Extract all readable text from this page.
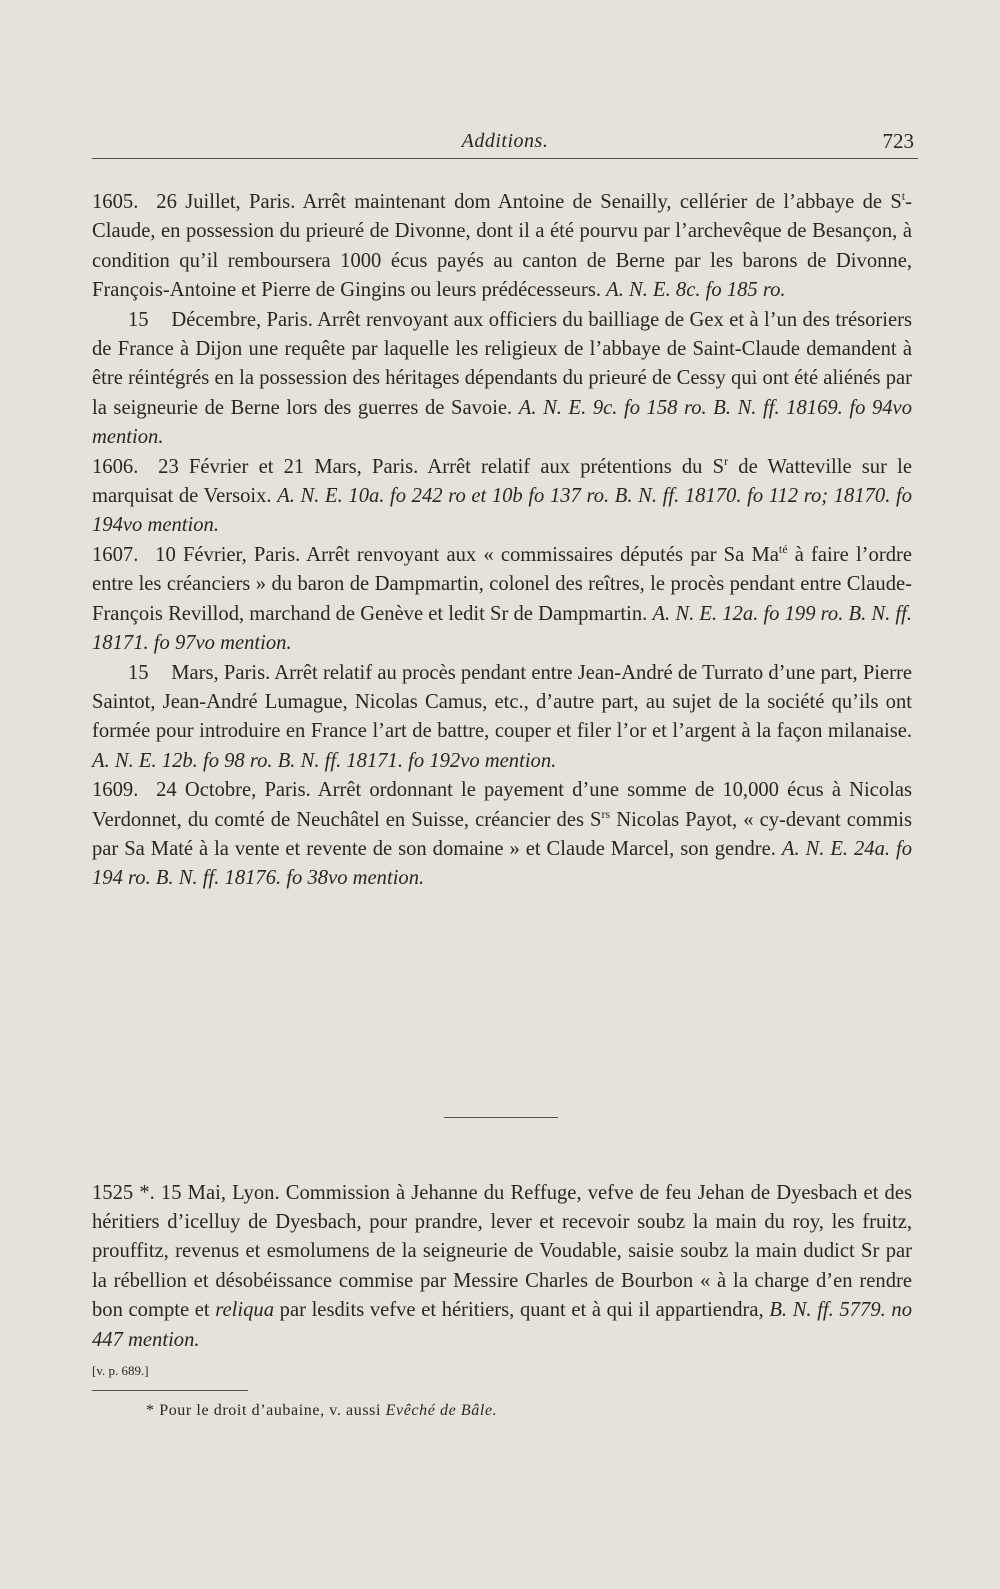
Additions.	723

1605. 26 Juillet, Paris. Arrêt maintenant dom Antoine de Senailly, cellérier de l’abbaye de $S^t$-Claude, en possession du prieuré de Divonne, dont il a été pourvu par l’archevêque de Besançon, à condition qu’il remboursera 1000 écus payés au canton de Berne par les barons de Divonne, François-Antoine et Pierre de Gingins ou leurs prédécesseurs. A. N. E. 8c. fo 185 ro.

15 Décembre, Paris. Arrêt renvoyant aux officiers du bailliage de Gex et à l’un des trésoriers de France à Dijon une requête par laquelle les religieux de l’abbaye de Saint-Claude demandent à être réintégrés en la possession des héritages dépendants du prieuré de Cessy qui ont été aliénés par la seigneurie de Berne lors des guerres de Savoie. A. N. E. 9c. fo 158 ro. B. N. ff. 18169. fo 94vo mention.

1606. 23 Février et 21 Mars, Paris. Arrêt relatif aux prétentions du $S^r$ de Watteville sur le marquisat de Versoix. A. N. E. 10a. fo 242 ro et 10b fo 137 ro. B. N. ff. 18170. fo 112 ro; 18170. fo 194vo mention.

1607. 10 Février, Paris. Arrêt renvoyant aux « commissaires députés par Sa $Ma^{té}$ à faire l’ordre entre les créanciers » du baron de Dampmartin, colonel des reîtres, le procès pendant entre Claude-François Revillod, marchand de Genève et ledit Sr de Dampmartin. A. N. E. 12a. fo 199 ro. B. N. ff. 18171. fo 97vo mention.

15 Mars, Paris. Arrêt relatif au procès pendant entre Jean-André de Turrato d’une part, Pierre Saintot, Jean-André Lumague, Nicolas Camus, etc., d’autre part, au sujet de la société qu’ils ont formée pour introduire en France l’art de battre, couper et filer l’or et l’argent à la façon milanaise. A. N. E. 12b. fo 98 ro. B. N. ff. 18171. fo 192vo mention.

1609. 24 Octobre, Paris. Arrêt ordonnant le payement d’une somme de 10,000 écus à Nicolas Verdonnet, du comté de Neuchâtel en Suisse, créancier des $S^{rs}$ Nicolas Payot, « cy-devant commis par Sa Maté à la vente et revente de son domaine » et Claude Marcel, son gendre. A. N. E. 24a. fo 194 ro. B. N. ff. 18176. fo 38vo mention.

1525 *. 15 Mai, Lyon. Commission à Jehanne du Reffuge, vefve de feu Jehan de Dyesbach et des héritiers d’icelluy de Dyesbach, pour prandre, lever et recevoir soubz la main du roy, les fruitz, prouffitz, revenus et esmolumens de la seigneurie de Voudable, saisie soubz la main dudict Sr par la rébellion et désobéissance commise par Messire Charles de Bourbon « à la charge d’en rendre bon compte et reliqua par lesdits vefve et héritiers, quant et à qui il appartiendra, B. N. ff. 5779. no 447 mention.
[v. p. 689.]

* Pour le droit d’aubaine, v. aussi Evêché de Bâle.
